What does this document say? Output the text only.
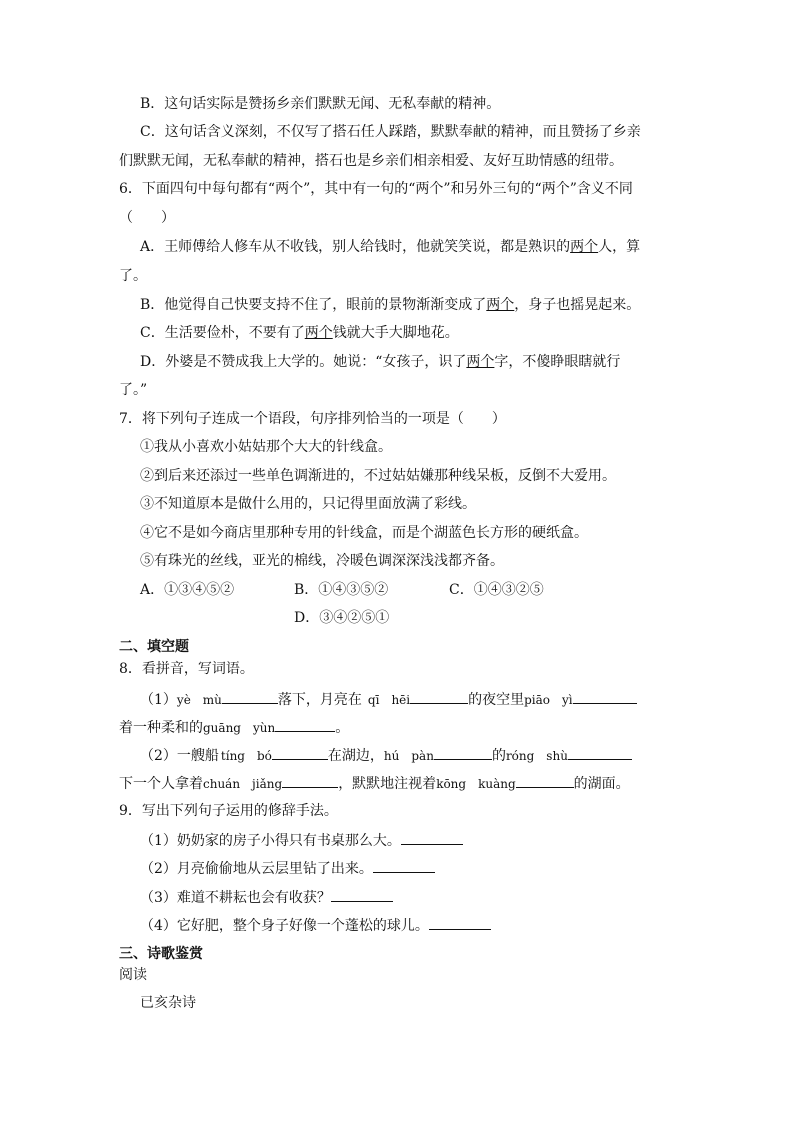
B．这句话实际是赞扬乡亲们默默无闻、无私奉献的精神。
C．这句话含义深刻，不仅写了搭石任人踩踏，默默奉献的精神，而且赞扬了乡亲
们默默无闻，无私奉献的精神，搭石也是乡亲们相亲相爱、友好互助情感的纽带。
6．下面四句中每句都有“两个”，其中有一句的“两个”和另外三句的“两个”含义不同
（　　）
A．王师傅给人修车从不收钱，别人给钱时，他就笑笑说，都是熟识的两个人，算
了。
B．他觉得自己快要支持不住了，眼前的景物渐渐变成了两个，身子也摇晃起来。
C．生活要俭朴，不要有了两个钱就大手大脚地花。
D．外婆是不赞成我上大学的。她说：“女孩子，识了两个字，不傻睁眼瞎就行
了。”
7．将下列句子连成一个语段，句序排列恰当的一项是（　　）
①我从小喜欢小姑姑那个大大的针线盒。
②到后来还添过一些单色调渐进的，不过姑姑嫌那种线呆板，反倒不大爱用。
③不知道原本是做什么用的，只记得里面放满了彩线。
④它不是如今商店里那种专用的针线盒，而是个湖蓝色长方形的硬纸盒。
⑤有珠光的丝线，亚光的棉线，冷暖色调深深浅浅都齐备。
A．①③④⑤②	B．①④③⑤②	C．①④③②⑤
D．③④②⑤①
二、填空题
8．看拼音，写词语。
（1）yè　mù	落下，月亮在 qī　hēi	的夜空里piāo　yì
着一种柔和的guāng　yùn	。
（2）一艘船 tíng　bó	在湖边，hú　pàn	的róng　shù
下一个人拿着chuán　jiǎng	，默默地注视着kōng　kuàng	的湖面。
9．写出下列句子运用的修辞手法。
（1）奶奶家的房子小得只有书桌那么大。
（2）月亮偷偷地从云层里钻了出来。
（3）难道不耕耘也会有收获？
（4）它好肥，整个身子好像一个蓬松的球儿。
三、诗歌鉴赏
阅读
已亥杂诗
